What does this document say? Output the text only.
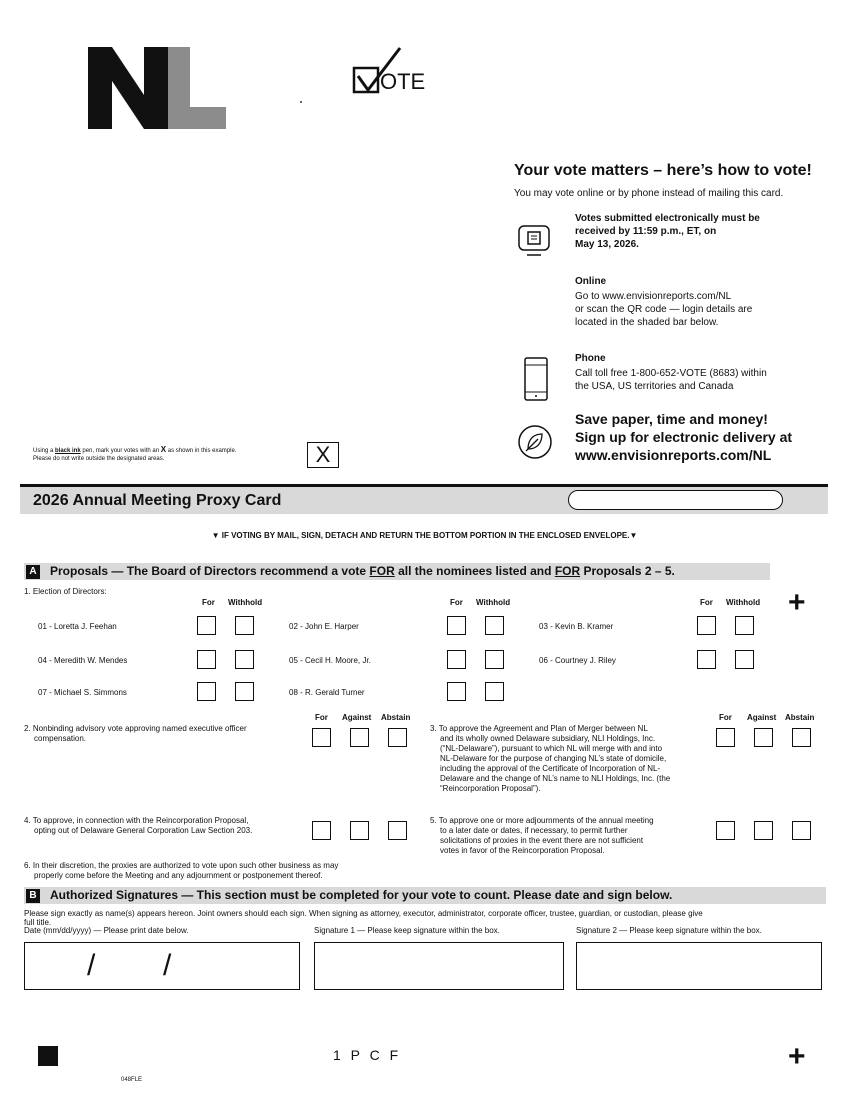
OTE
Your vote matters – here’s how to vote!
You may vote online or by phone instead of mailing this card.
Votes submitted electronically must be
received by 11:59 p.m., ET, on
May 13, 2026.
Online
Go to www.envisionreports.com/NL
or scan the QR code — login details are
located in the shaded bar below.
Phone
Call toll free 1-800-652-VOTE (8683) within
the USA, US territories and Canada
Save paper, time and money!
Sign up for electronic delivery at
www.envisionreports.com/NL
Using a black ink pen, mark your votes with an X as shown in this example.
Please do not write outside the designated areas.	X
2026 Annual Meeting Proxy Card
▼ IF VOTING BY MAIL, SIGN, DETACH AND RETURN THE BOTTOM PORTION IN THE ENCLOSED ENVELOPE.▼
A Proposals — The Board of Directors recommend a vote FOR all the nominees listed and FOR Proposals 2 – 5.
1. Election of Directors:
For Withhold	For Withhold	For Withhold +
01 - Loretta J. Feehan	02 - John E. Harper	03 - Kevin B. Kramer
04 - Meredith W. Mendes	05 - Cecil H. Moore, Jr.	06 - Courtney J. Riley
07 - Michael S. Simmons	08 - R. Gerald Turner
2. Nonbinding advisory vote approving named executive officer
compensation.
For Against Abstain
3. To approve the Agreement and Plan of Merger between NL
and its wholly owned Delaware subsidiary, NLI Holdings, Inc.
(“NL-Delaware”), pursuant to which NL will merge with and into
NL-Delaware for the purpose of changing NL’s state of domicile,
including the approval of the Certificate of Incorporation of NL-
Delaware and the change of NL’s name to NLI Holdings, Inc. (the
“Reincorporation Proposal”).
For Against Abstain
4. To approve, in connection with the Reincorporation Proposal,
opting out of Delaware General Corporation Law Section 203.
5. To approve one or more adjournments of the annual meeting
to a later date or dates, if necessary, to permit further
solicitations of proxies in the event there are not sufficient
votes in favor of the Reincorporation Proposal.
6. In their discretion, the proxies are authorized to vote upon such other business as may
properly come before the Meeting and any adjournment or postponement thereof.
B Authorized Signatures — This section must be completed for your vote to count. Please date and sign below.
Please sign exactly as name(s) appears hereon. Joint owners should each sign. When signing as attorney, executor, administrator, corporate officer, trustee, guardian, or custodian, please give
full title.
Date (mm/dd/yyyy) — Please print date below.	Signature 1 — Please keep signature within the box.	Signature 2 — Please keep signature within the box.
/ /
1 P C F	+
048FLE
